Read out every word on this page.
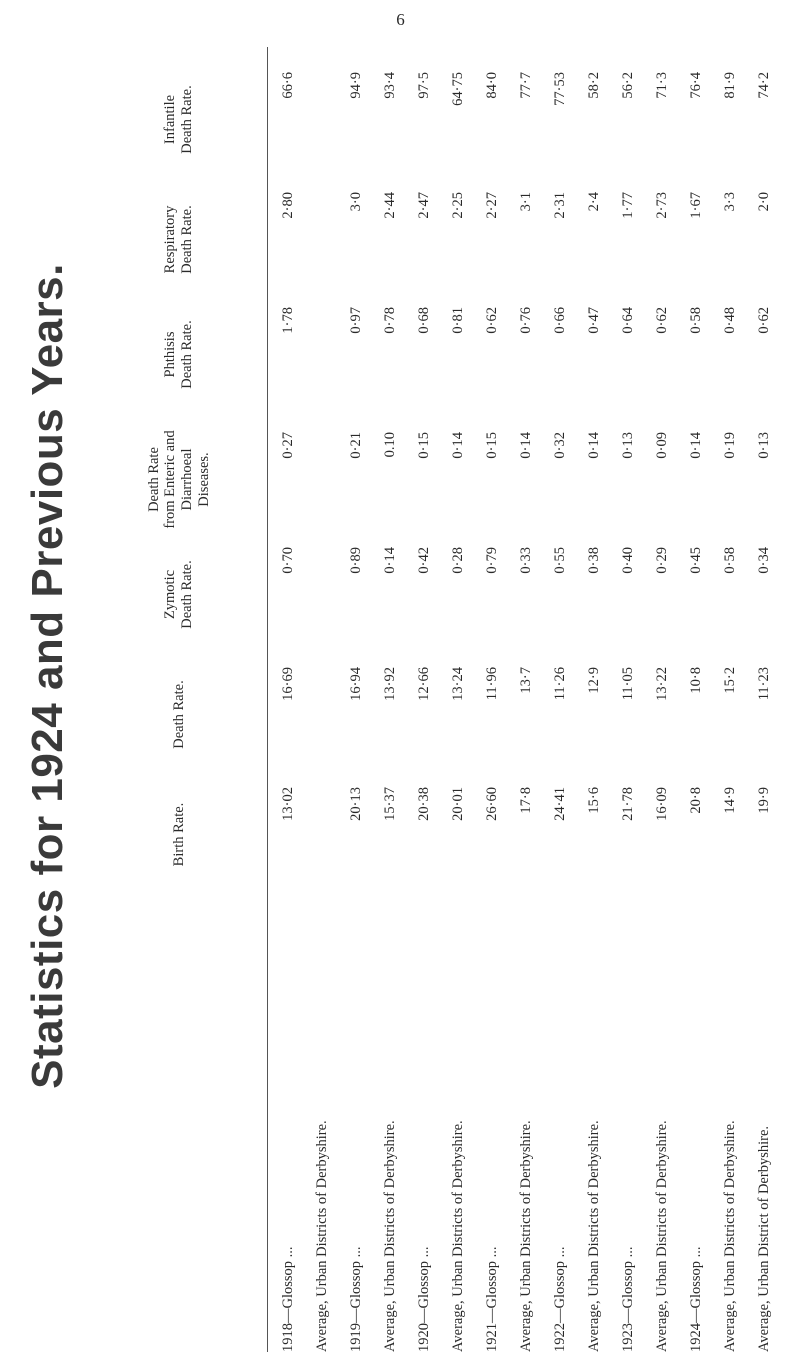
6
Statistics for 1924 and Previous Years.	Birth Rate.
Death Rate.
Zymotic Death Rate.
Death Rate from Enteric and Diarrhoeal Diseases.
Phthisis Death Rate.
Respiratory Death Rate.
Infantile Death Rate.
1918—Glossop ...
13·02
16·69
0·70
0·27
1·78
2·80
66·6
Average, Urban Districts of Derbyshire. 1919—Glossop ...
20·13
16·94
0·89
0·21
0·97
3·0
94·9
Average, Urban Districts of Derbyshire.
15·37
13·92
0·14
0.10
0·78
2·44
93·4
1920—Glossop ...
20·38
12·66
0·42
0·15
0·68
2·47
97·5
Average, Urban Districts of Derbyshire.
20·01
13·24
0·28
0·14
0·81
2·25
64·75
1921—Glossop ...
26·60
11·96
0·79
0·15
0·62
2·27
84·0
Average, Urban Districts of Derbyshire.
17·8
13·7
0·33
0·14
0·76
3·1
77·7
1922—Glossop ...
24·41
11·26
0·55
0·32
0·66
2·31
77·53
Average, Urban Districts of Derbyshire.
15·6
12·9
0·38
0·14
0·47
2·4
58·2
1923—Glossop ...
21·78
11·05
0·40
0·13
0·64
1·77
56·2
Average, Urban Districts of Derbyshire.
16·09
13·22
0·29
0·09
0·62
2·73
71·3
1924—Glossop ...
20·8
10·8
0·45
0·14
0·58
1·67
76·4
Average, Urban Districts of Derbyshire.
14·9
15·2
0·58
0·19
0·48
3·3
81·9
Average, Urban District of Derbyshire.
19·9
11·23
0·34
0·13
0·62
2·0
74·2
